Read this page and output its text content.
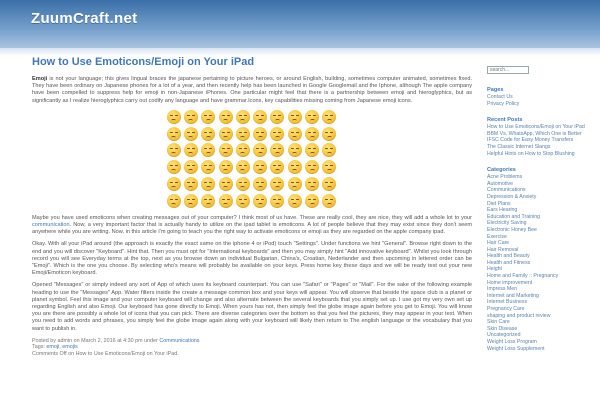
ZuumCraft.net
How to Use Emoticons/Emoji on Your iPad

Emoji is not your language; this gives lingual braces the japanese pertaining to picture heroes, or around English, building, sometimes computer animated, sometimes fixed. They have been ordinary on Japanese phones for a lot of a year, and then recently help has been launched in Google Googlemail and the Iphone, although The apple company have been compelled to suppress help for emoji in non-Japanese iPhones. One particular might feel that there is a partnership between emoji and hieroglyphics, but as significantly as I realize hieroglyphics carry out codify any language and have grammar.Icons, key capabilities missing coming from Japanese emoji icons.

Maybe you have used emoticons when creating messages out of your computer? I think most of us have. These are really cool, they are nice, they will add a whole lot to your communication. Now, a very important factor that is actually handy to utilize on the ipad tablet is emoticons. A lot of people believe that they may exist since they don't seem anywhere while you are writing. Now, in this article I'm going to teach you the right way to activate emoticons or emoji as they are regarded on the apple company ipad.

Okay. With all your iPad around (the approach is exactly the exact same on the iphone 4 or iPod) touch "Settings". Under functions we hint "General". Browse right down to the end and you will discover "Keyboard". Hint that. Then you must opt for "International keyboards" and then you may simply hint "Add innovative keyboard". Whilst you look through record you will see Everyday terms at the top, next as you browse down an individual Bulgarian, China's, Croatian, Nederlander and then upcoming in lettered order can be "Emoji". Which is the one you choose. By selecting who's means will probably be available on your keys. Press home key these days and we will be ready test out your new Emoji/Emoticon keyboard.

Opened "Messages" or simply indeed any sort of App of which uses its keyboard counterpart. You can use "Safari" or "Pages" or "Mail". For the sake of the following example heading to use the "Messages" App. Water filters inside the create a message common box and your keys will appear. You will observe that beside the space club is a planet or planet symbol. Feel this image and your computer keyboard will change and also alternate between the several keyboards that you simply set up. I use got my very own set up regarding English and also Emoji. Our keyboard has gone directly to Emoji. When yours has not, then simply feel the globe image again before you get to Emoji. You will know you are there are possibly a whole lot of icons that you can pick. There are diverse categories over the bottom so that you feel the pictures, they may appear in your text. When you need to add words and phrases, you simply feel the globe image again along with your keyboard will likely then return to The english language or the vocabulary that you want to publish in.

Posted by admin on March 2, 2016 at 4:30 pm under Communications
Tags: emoji, emojis
Comments Off on How to Use Emoticons/Emoji on Your iPad.
search...
Pages
Contact Us
Privacy Policy
Recent Posts
How to Use Emoticons/Emoji on Your iPad
BBM Vs. WhatsApp, Which One is Better
IFSC Code for Easy Money Transfers
The Classic Internet Slangs
Helpful Hints on How to Stop Blushing
Categories
Acne Problems
Automotive
Communications
Depression & Anxiety
Diet Plans
Ears Hearing
Education and Training
Electricity Saving
Electronic Honey Bee
Exercise
Hair Care
Hair Removal
Health and Beauty
Health and Fitness
Height
Home and Family :: Pregnancy
Home improvement
Impress Men
Internet and Marketing
Internet Business
Pregnancy Care
shaping and product review
Skin Care
Skin Disease
Uncategorized
Weight Loss Program
Weight Loss Supplement
